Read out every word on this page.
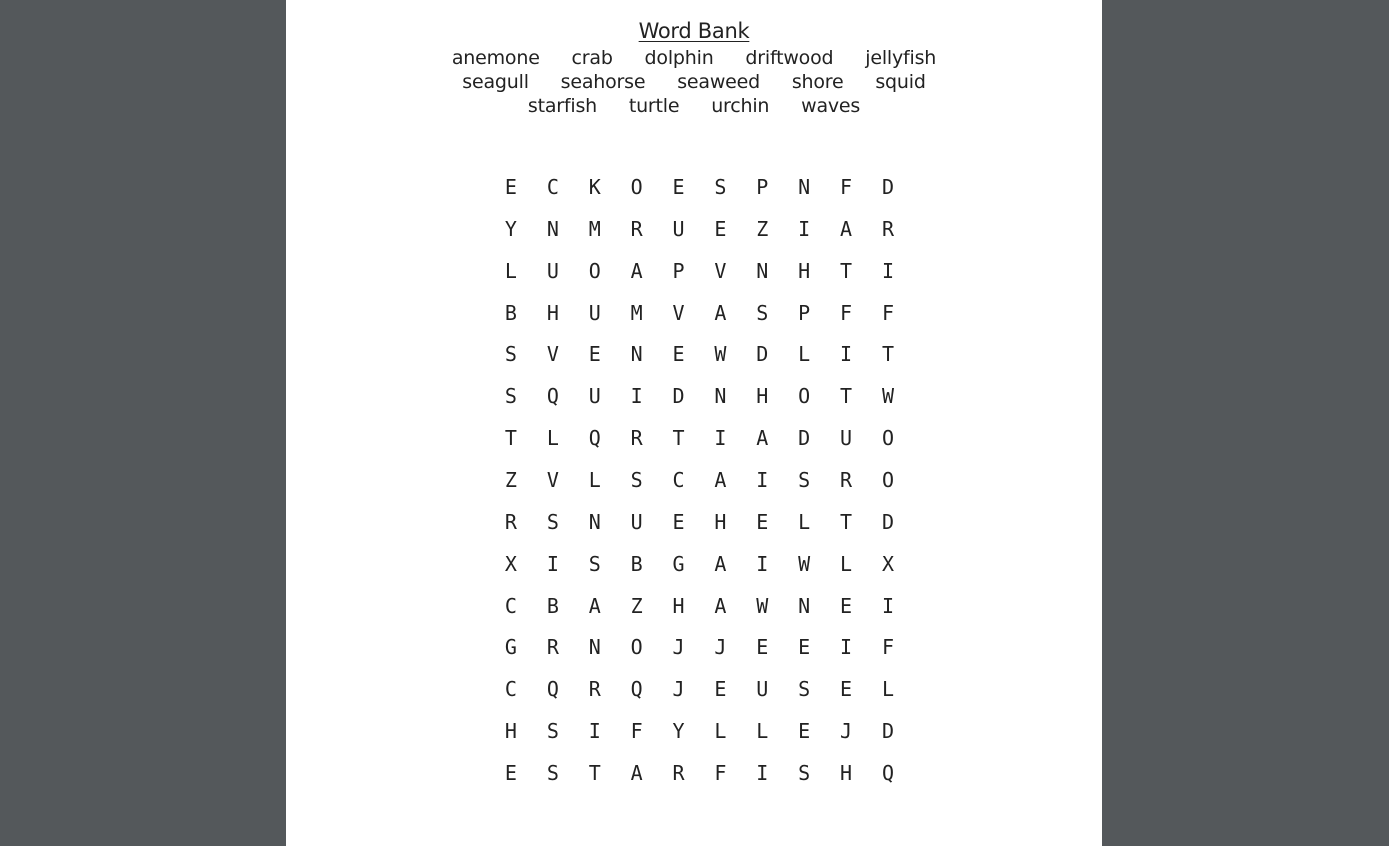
Word Bank
anemone crab dolphin driftwood jellyfish seagull seahorse seaweed shore squid starfish turtle urchin waves
E	C	K	O	E	S	P	N	F	D
Y	N	M	R	U	E	Z	I	A	R
L	U	O	A	P	V	N	H	T	I
B	H	U	M	V	A	S	P	F	F
S	V	E	N	E	W	D	L	I	T
S	Q	U	I	D	N	H	O	T	W
T	L	Q	R	T	I	A	D	U	O
Z	V	L	S	C	A	I	S	R	O
R	S	N	U	E	H	E	L	T	D
X	I	S	B	G	A	I	W	L	X
C	B	A	Z	H	A	W	N	E	I
G	R	N	O	J	J	E	E	I	F
C	Q	R	Q	J	E	U	S	E	L
H	S	I	F	Y	L	L	E	J	D
E	S	T	A	R	F	I	S	H	Q
